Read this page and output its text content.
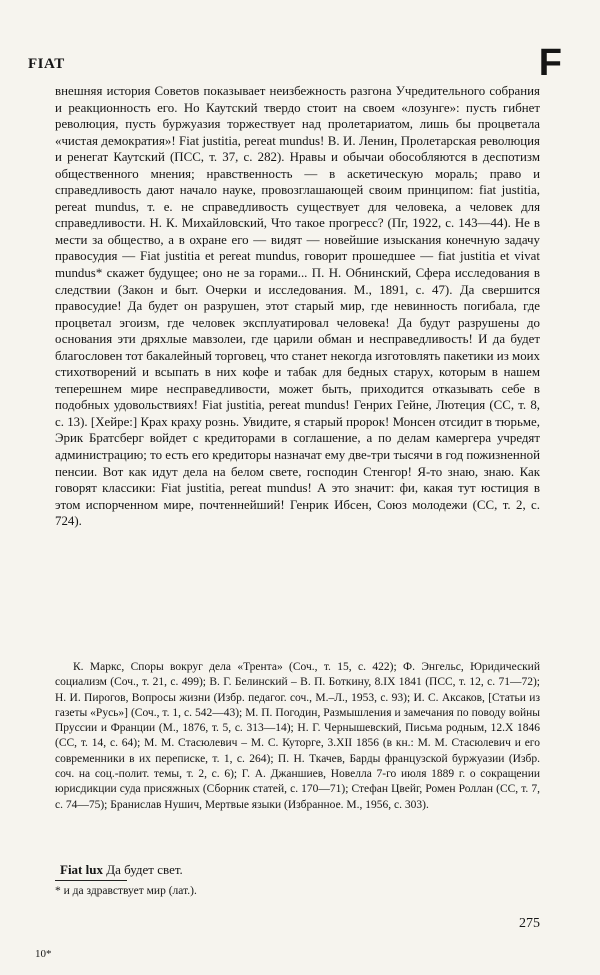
FIAT	F
внешняя история Советов показывает неизбежность разгона Учредительного собрания и реакционность его. Но Каутский твердо стоит на своем «лозунге»: пусть гибнет революция, пусть буржуазия торжествует над пролетариатом, лишь бы процветала «чистая демократия»! Fiat justitia, pereat mundus! В. И. Ленин, Пролетарская революция и ренегат Каутский (ПСС, т. 37, с. 282). Нравы и обычаи обособляются в деспотизм общественного мнения; нравственность — в аскетическую мораль; право и справедливость дают начало науке, провозглашающей своим принципом: fiat justitia, pereat mundus, т. е. не справедливость существует для человека, а человек для справедливости. Н. К. Михайловский, Что такое прогресс? (Пг, 1922, с. 143—44). Не в мести за общество, а в охране его — видят — новейшие изыскания конечную задачу правосудия — Fiat justitia et pereat mundus, говорит прошедшее — fiat justitia et vivat mundus* скажет будущее; оно не за горами... П. Н. Обнинский, Сфера исследования в следствии (Закон и быт. Очерки и исследования. М., 1891, с. 47). Да свершится правосудие! Да будет он разрушен, этот старый мир, где невинность погибала, где процветал эгоизм, где человек эксплуатировал человека! Да будут разрушены до основания эти дряхлые мавзолеи, где царили обман и несправедливость! И да будет благословен тот бакалейный торговец, что станет некогда изготовлять пакетики из моих стихотворений и всыпать в них кофе и табак для бедных старух, которым в нашем теперешнем мире несправедливости, может быть, приходится отказывать себе в подобных удовольствиях! Fiat justitia, pereat mundus! Генрих Гейне, Лютеция (СС, т. 8, с. 13). [Хейре:] Крах краху рознь. Увидите, я старый пророк! Монсен отсидит в тюрьме, Эрик Братсберг войдет с кредиторами в соглашение, а по делам камергера учредят администрацию; то есть его кредиторы назначат ему две-три тысячи в год пожизненной пенсии. Вот как идут дела на белом свете, господин Стенгор! Я-то знаю, знаю. Как говорят классики: Fiat justitia, pereat mundus! А это значит: фи, какая тут юстиция в этом испорченном мире, почтеннейший! Генрик Ибсен, Союз молодежи (СС, т. 2, с. 724).
К. Маркс, Споры вокруг дела «Трента» (Соч., т. 15, с. 422); Ф. Энгельс, Юридический социализм (Соч., т. 21, с. 499); В. Г. Белинский – В. П. Боткину, 8.IX 1841 (ПСС, т. 12, с. 71—72); Н. И. Пирогов, Вопросы жизни (Избр. педагог. соч., М.–Л., 1953, с. 93); И. С. Аксаков, [Статьи из газеты «Русь»] (Соч., т. 1, с. 542—43); М. П. Погодин, Размышления и замечания по поводу войны Пруссии и Франции (М., 1876, т. 5, с. 313—14); Н. Г. Чернышевский, Письма родным, 12.X 1846 (СС, т. 14, с. 64); М. М. Стасюлевич – М. С. Куторге, 3.XII 1856 (в кн.: М. М. Стасюлевич и его современники в их переписке, т. 1, с. 264); П. Н. Ткачев, Барды французской буржуазии (Избр. соч. на соц.-полит. темы, т. 2, с. 6); Г. А. Джаншиев, Новелла 7-го июля 1889 г. о сокращении юрисдикции суда присяжных (Сборник статей, с. 170—71); Стефан Цвейг, Ромен Роллан (СС, т. 7, с. 74—75); Бранислав Нушич, Мертвые языки (Избранное. М., 1956, с. 303).
Fiat lux Да будет свет.
* и да здравствует мир (лат.).
275
10*
